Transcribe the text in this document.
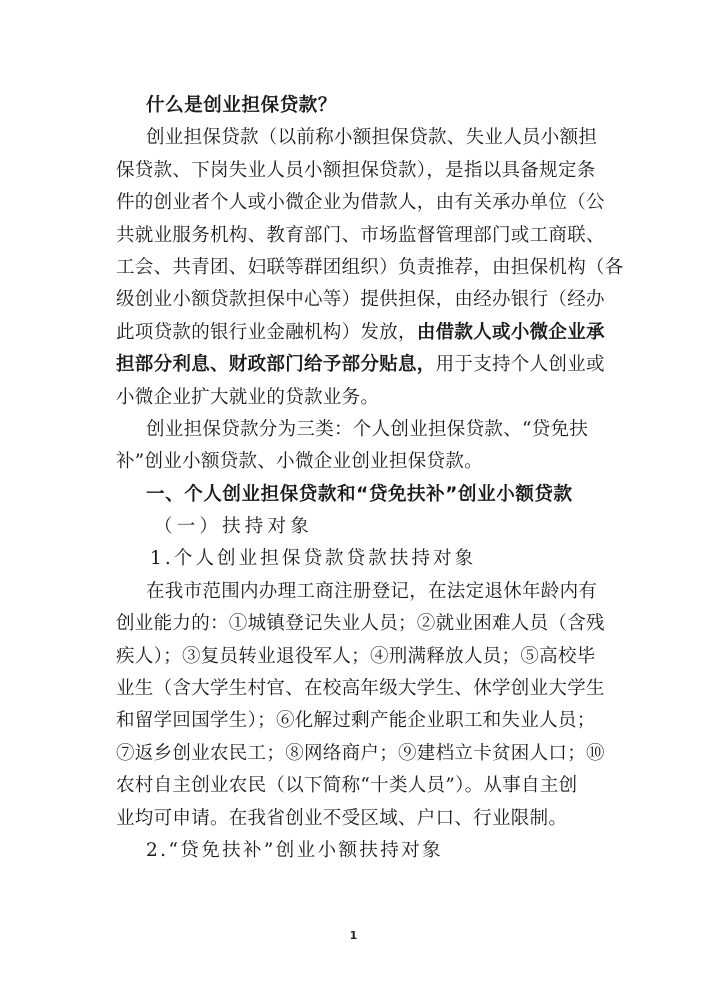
什么是创业担保贷款？
创业担保贷款（以前称小额担保贷款、失业人员小额担
保贷款、下岗失业人员小额担保贷款），是指以具备规定条
件的创业者个人或小微企业为借款人，由有关承办单位（公
共就业服务机构、教育部门、市场监督管理部门或工商联、
工会、共青团、妇联等群团组织）负责推荐，由担保机构（各
级创业小额贷款担保中心等）提供担保，由经办银行（经办
此项贷款的银行业金融机构）发放，由借款人或小微企业承
担部分利息、财政部门给予部分贴息，用于支持个人创业或
小微企业扩大就业的贷款业务。
创业担保贷款分为三类：个人创业担保贷款、“贷免扶
补”创业小额贷款、小微企业创业担保贷款。
一、个人创业担保贷款和“贷免扶补”创业小额贷款
（一）扶持对象
1.个人创业担保贷款贷款扶持对象
在我市范围内办理工商注册登记，在法定退休年龄内有
创业能力的：①城镇登记失业人员；②就业困难人员（含残
疾人）；③复员转业退役军人；④刑满释放人员；⑤高校毕
业生（含大学生村官、在校高年级大学生、休学创业大学生
和留学回国学生）；⑥化解过剩产能企业职工和失业人员；
⑦返乡创业农民工；⑧网络商户；⑨建档立卡贫困人口；⑩
农村自主创业农民（以下简称“十类人员”）。从事自主创
业均可申请。在我省创业不受区域、户口、行业限制。
2.“贷免扶补”创业小额扶持对象
1
